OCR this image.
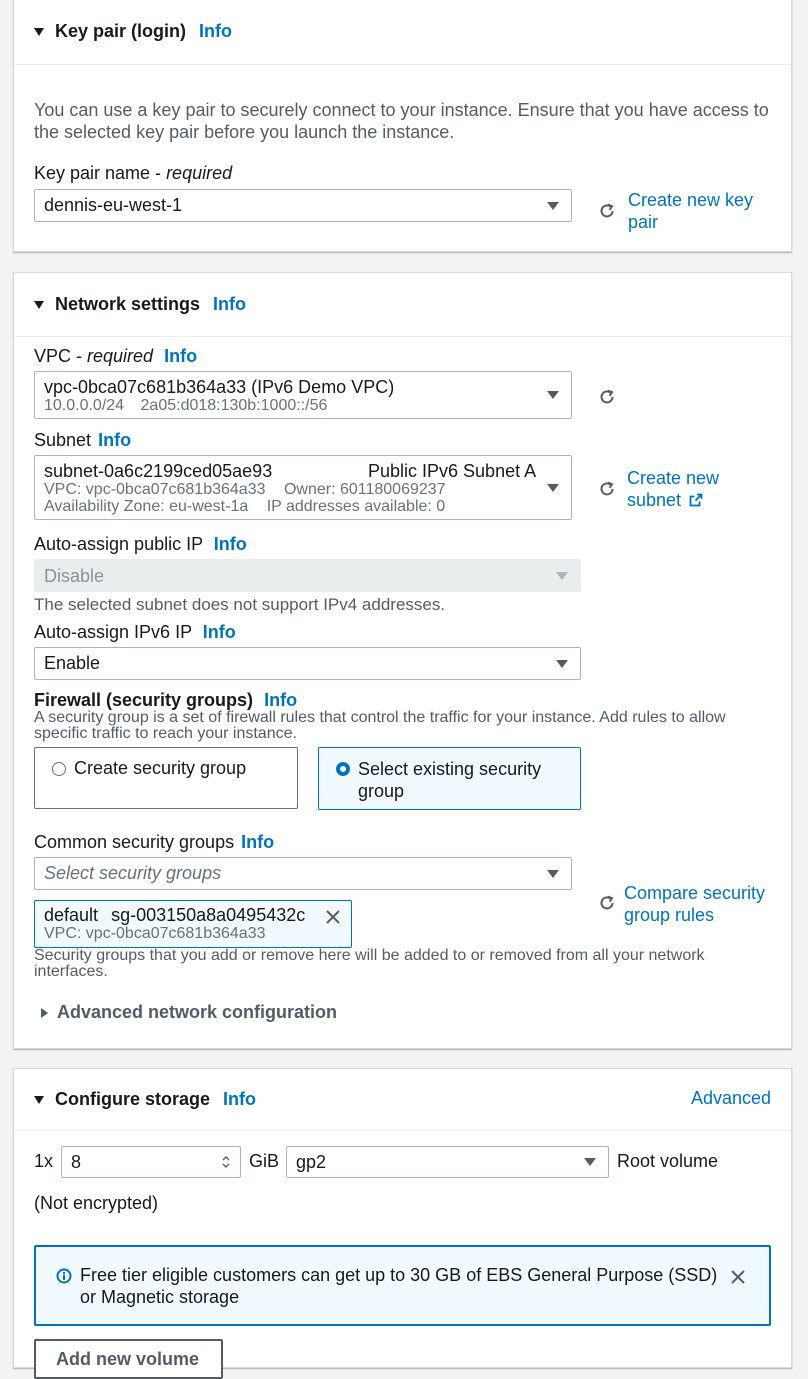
Key pair (login) Info
You can use a key pair to securely connect to your instance. Ensure that you have access to the selected key pair before you launch the instance.
Key pair name - required
dennis-eu-west-1	Create new key
pair
Network settings Info
VPC - required Info
vpc-0bca07c681b364a33 (IPv6 Demo VPC)
10.0.0.0/24 2a05:d018:130b:1000::/56
Subnet Info
subnet-0a6c2199ced05ae93	Public IPv6 Subnet A
VPC: vpc-0bca07c681b364a33 Owner: 601180069237
Availability Zone: eu-west-1a IP addresses available: 0
Create new
subnet
Auto-assign public IP Info
Disable
The selected subnet does not support IPv4 addresses.
Auto-assign IPv6 IP Info
Enable
Firewall (security groups) Info
A security group is a set of firewall rules that control the traffic for your instance. Add rules to allow specific traffic to reach your instance.
Create security group	Select existing security
group
Common security groups Info
Select security groups
default sg-003150a8a0495432c
VPC: vpc-0bca07c681b364a33
Compare security
group rules
Security groups that you add or remove here will be added to or removed from all your network interfaces.
Advanced network configuration
Configure storage Info	Advanced
1x 8	GiB gp2	Root volume
(Not encrypted)
Free tier eligible customers can get up to 30 GB of EBS General Purpose (SSD) or Magnetic storage
Add new volume
